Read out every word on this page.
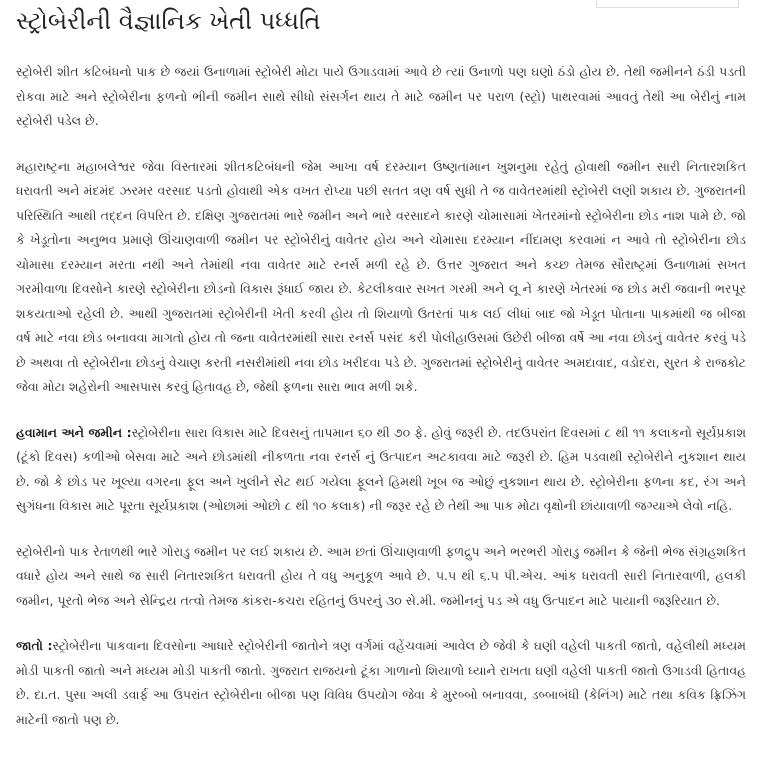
સ્ટ્રોબેરીની વૈજ્ઞાનિક ખેતી પધ્ધતિ

સ્ટ્રોબેરી શીત કટિબંધનો પાક છે જયાં ઉનાળામાં સ્ટ્રોબેરી મોટા પાયે ઉગાડવામાં આવે છે ત્યાં ઉનાળો પણ ઘણો ઠંડો હોય છે. તેથી જમીનને ઠંડી પડતી રોકવા માટે અને સ્ટ્રોબેરીના ફળનો ભીની જમીન સાથે સીધો સંસર્ગન થાય તે માટે જમીન પર પરાળ (સ્ટ્રો) પાથરવામાં આવતું તેથી આ બેરીનું નામ સ્ટ્રોબેરી પડેલ છે.

મહારાષ્ટ્રના મહાબલેશ્વર જેવા વિસ્તારમાં શીતકટિબંધની જેમ આખા વર્ષ દરમ્યાન ઉષ્ણતામાન ખુશનુમા રહેતું હોવાથી જમીન સારી નિતારશકિત ધરાવતી અને મંદમંદ ઝરમર વરસાદ પડતો હોવાથી એક વખત રોપ્યા પછી સતત ત્રણ વર્ષ સુધી તે જ વાવેતરમાંથી સ્ટ્રોબેરી લણી શકાય છે. ગુજરાતની પરિસ્થિતિ આથી તદ્દન વિપરિત છે. દક્ષિણ ગુજરાતમાં ભારે જમીન અને ભારે વરસાદને કારણે ચોમાસામાં ખેતરમાંનો સ્ટ્રોબેરીના છોડ નાશ પામે છે. જો કે ખેડૂતોના અનુભવ પ્રમાણે ઊંચાણવાળી જમીન પર સ્ટ્રોબેરીનું વાવેતર હોય અને ચોમાસા દરમ્યાન નીંદામણ કરવામાં ન આવે તો સ્ટ્રોબેરીના છોડ ચોમાસા દરમ્યાન મરતા નથી અને તેમાંથી નવા વાવેતર માટે રનર્સ મળી રહે છે. ઉત્તર ગુજરાત અને કચ્છ તેમજ સૌરાષ્ટ્રમાં ઉનાળામાં સખત ગરમીવાળા દિવસોને કારણે સ્ટ્રોબેરીના છોડનો વિકાસ રૂંધાઈ જાય છે. કેટલીકવાર સખત ગરમી અને લૂ ને કારણે ખેતરમાં જ છોડ મરી જવાની ભરપૂર શકયતાઓ રહેલી છે. આથી ગુજરાતમાં સ્ટ્રોબેરીની ખેતી કરવી હોય તો શિયાળો ઉતરતાં પાક લઈ લીધાં બાદ જો ખેડૂત પોતાના પાકમાંથી જ બીજા વર્ષ માટે નવા છોડ બનાવવા માગતો હોય તો જના વાવેતરમાંથી સારા રનર્સ પસંદ કરી પોલીહાઉસમાં ઉછેરી બીજા વર્ષે આ નવા છોડનું વાવેતર કરવું પડે છે અથવા તો સ્ટ્રોબેરીના છોડનું વેચાણ કરતી નસરીમાંથી નવા છોડ ખરીદવા પડે છે. ગુજરાતમાં સ્ટ્રોબેરીનું વાવેતર અમદાવાદ, વડોદરા, સુરત કે રાજકોટ જેવા મોટા શહેરોની આસપાસ કરવું હિતાવહ છે, જેથી ફળના સારા ભાવ મળી શકે.

હવામાન અને જમીન :સ્ટ્રોબેરીના સારા વિકાસ માટે દિવસનું તાપમાન ૬૦ થી ૭૦ ફે. હોવું જરૂરી છે. તદઉપરાંત દિવસમાં ૮ થી ૧૧ કલાકનો સૂર્યપ્રકાશ (ટૂંકો દિવસ) કળીઓ બેસવા માટે અને છોડમાંથી નીકળતા નવા રનર્સ નું ઉત્પાદન અટકાવવા માટે જરૂરી છે. હિમ પડવાથી સ્ટ્રોબેરીને નુકશાન થાય છે. જો કે છોડ પર ખૂલ્યા વગરના ફૂલ અને ખુલીને સેટ થઈ ગયેલા ફૂલને હિમથી ખૂબ જ ઓછું નુકશાન થાય છે. સ્ટ્રોબેરીના ફળના કદ, રંગ અને સુગંધના વિકાસ માટે પૂરતા સૂર્યપ્રકાશ (ઓછામાં ઓછો ૮ થી ૧૦ કલાક) ની જરૂર રહે છે તેથી આ પાક મોટા વૃક્ષોની છાંયાવાળી જગ્યાએ લેવો નહિ.

સ્ટ્રોબેરીનો પાક રેતાળથી ભારે ગોરાડુ જમીન પર લઈ શકાય છે. આમ છતાં ઊંચાણવાળી ફળદ્રુપ અને ભરભરી ગોરાડુ જમીન કે જેની ભેજ સંગ્રહશકિત વધારે હોય અને સાથે જ સારી નિતારશકિત ધરાવતી હોય તે વધુ અનુકૂળ આવે છે. ૫.૫ થી ૬.૫ પી.એચ. આંક ધરાવતી સારી નિતારવાળી, હલકી જમીન, પૂરતો ભેજ અને સેન્દ્રિય તત્વો તેમજ કાંકરા-કચરા રહિતનું ઉપરનું ૩૦ સે.મી. જમીનનું પડ એ વધુ ઉત્પાદન માટે પાયાની જરૂરિયાત છે.

જાતો :સ્ટ્રોબેરીના પાકવાના દિવસોના આધારે સ્ટ્રોબેરીની જાતોને ત્રણ વર્ગમાં વહેંચવામાં આવેલ છે જેવી કે ઘણી વહેલી પાકતી જાતો, વહેલીથી મધ્યમ મોડી પાકતી જાતો અને મધ્યમ મોડી પાકતી જાતો. ગુજરાત રાજયનો ટૂંકા ગાળાનો શિયાળો ધ્યાને રાખતા ઘણી વહેલી પાકતી જાતો ઉગાડવી હિતાવહ છે. દા.ત. પુસા અલી ડવાર્ફ આ ઉપરાંત સ્ટ્રોબેરીના બીજા પણ વિવિધ ઉપયોગ જેવા કે મુરબ્બો બનાવવા, ડબ્બાબંધી (કેનિંગ) માટે તથા કવિક ફ્રિઝિંગ માટેની જાતો પણ છે.
